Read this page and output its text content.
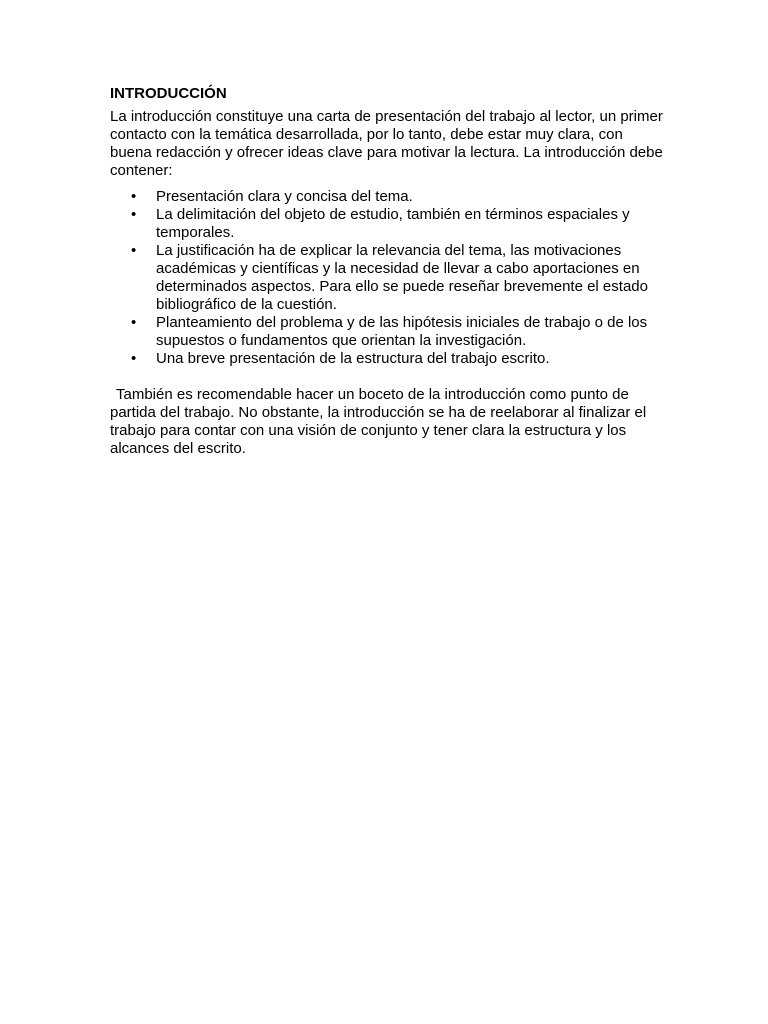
INTRODUCCIÓN

La introducción constituye una carta de presentación del trabajo al lector, un primer contacto con la temática desarrollada, por lo tanto, debe estar muy clara, con buena redacción y ofrecer ideas clave para motivar la lectura. La introducción debe contener:

• Presentación clara y concisa del tema.
• La delimitación del objeto de estudio, también en términos espaciales y temporales.
• La justificación ha de explicar la relevancia del tema, las motivaciones académicas y científicas y la necesidad de llevar a cabo aportaciones en determinados aspectos. Para ello se puede reseñar brevemente el estado bibliográfico de la cuestión.
• Planteamiento del problema y de las hipótesis iniciales de trabajo o de los supuestos o fundamentos que orientan la investigación.
• Una breve presentación de la estructura del trabajo escrito.

También es recomendable hacer un boceto de la introducción como punto de partida del trabajo. No obstante, la introducción se ha de reelaborar al finalizar el trabajo para contar con una visión de conjunto y tener clara la estructura y los alcances del escrito.
